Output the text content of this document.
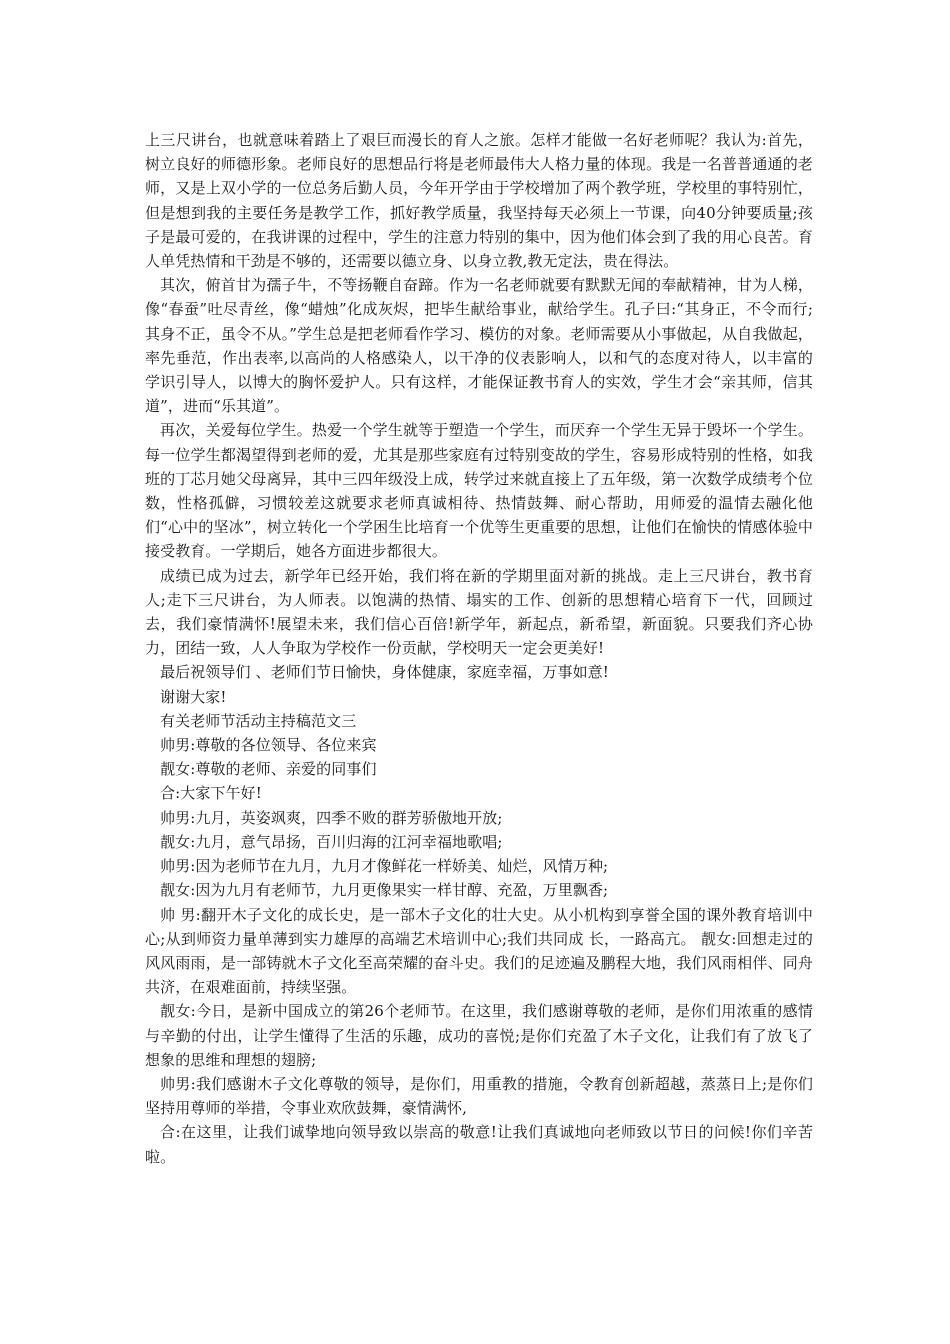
上三尺讲台，也就意味着踏上了艰巨而漫长的育人之旅。怎样才能做一名好老师呢？我认为:首先，树立良好的师德形象。老师良好的思想品行将是老师最伟大人格力量的体现。我是一名普普通通的老师，又是上双小学的一位总务后勤人员，今年开学由于学校增加了两个教学班，学校里的事特别忙，但是想到我的主要任务是教学工作，抓好教学质量，我坚持每天必须上一节课，向40分钟要质量;孩子是最可爱的，在我讲课的过程中，学生的注意力特别的集中，因为他们体会到了我的用心良苦。育人单凭热情和干劲是不够的，还需要以德立身、以身立教,教无定法，贵在得法。

其次，俯首甘为孺子牛，不等扬鞭自奋蹄。作为一名老师就要有默默无闻的奉献精神，甘为人梯，像“春蚕”吐尽青丝，像“蜡烛”化成灰烬，把毕生献给事业，献给学生。孔子曰:“其身正，不令而行;其身不正，虽令不从。”学生总是把老师看作学习、模仿的对象。老师需要从小事做起，从自我做起，率先垂范，作出表率,以高尚的人格感染人，以干净的仪表影响人，以和气的态度对待人，以丰富的学识引导人，以博大的胸怀爱护人。只有这样，才能保证教书育人的实效，学生才会“亲其师，信其道”，进而“乐其道”。

再次，关爱每位学生。热爱一个学生就等于塑造一个学生，而厌弃一个学生无异于毁坏一个学生。每一位学生都渴望得到老师的爱，尤其是那些家庭有过特别变故的学生，容易形成特别的性格，如我班的丁芯月她父母离异，其中三四年级没上成，转学过来就直接上了五年级，第一次数学成绩考个位数，性格孤僻，习惯较差这就要求老师真诚相待、热情鼓舞、耐心帮助，用师爱的温情去融化他们“心中的坚冰”，树立转化一个学困生比培育一个优等生更重要的思想，让他们在愉快的情感体验中接受教育。一学期后，她各方面进步都很大。

成绩已成为过去，新学年已经开始，我们将在新的学期里面对新的挑战。走上三尺讲台，教书育人;走下三尺讲台，为人师表。以饱满的热情、塌实的工作、创新的思想精心培育下一代，回顾过去，我们豪情满怀!展望未来，我们信心百倍!新学年，新起点，新希望，新面貌。只要我们齐心协力，团结一致，人人争取为学校作一份贡献，学校明天一定会更美好!

最后祝领导们 、老师们节日愉快，身体健康，家庭幸福，万事如意!

谢谢大家!

有关老师节活动主持稿范文三

帅男:尊敬的各位领导、各位来宾

靓女:尊敬的老师、亲爱的同事们

合:大家下午好!

帅男:九月，英姿飒爽，四季不败的群芳骄傲地开放;

靓女:九月，意气昂扬，百川归海的江河幸福地歌唱;

帅男:因为老师节在九月，九月才像鲜花一样娇美、灿烂，风情万种;

靓女:因为九月有老师节，九月更像果实一样甘醇、充盈，万里飘香;

帅 男:翻开木子文化的成长史，是一部木子文化的壮大史。从小机构到享誉全国的课外教育培训中心;从到师资力量单薄到实力雄厚的高端艺术培训中心;我们共同成 长，一路高亢。 靓女:回想走过的风风雨雨，是一部铸就木子文化至高荣耀的奋斗史。我们的足迹遍及鹏程大地，我们风雨相伴、同舟共济，在艰难面前，持续坚强。

靓女:今日，是新中国成立的第26个老师节。在这里，我们感谢尊敬的老师，是你们用浓重的感情与辛勤的付出，让学生懂得了生活的乐趣，成功的喜悦;是你们充盈了木子文化，让我们有了放飞了想象的思维和理想的翅膀;

帅男:我们感谢木子文化尊敬的领导，是你们，用重教的措施，令教育创新超越，蒸蒸日上;是你们坚持用尊师的举措，令事业欢欣鼓舞，豪情满怀,

合:在这里，让我们诚挚地向领导致以崇高的敬意!让我们真诚地向老师致以节日的问候!你们辛苦啦。
